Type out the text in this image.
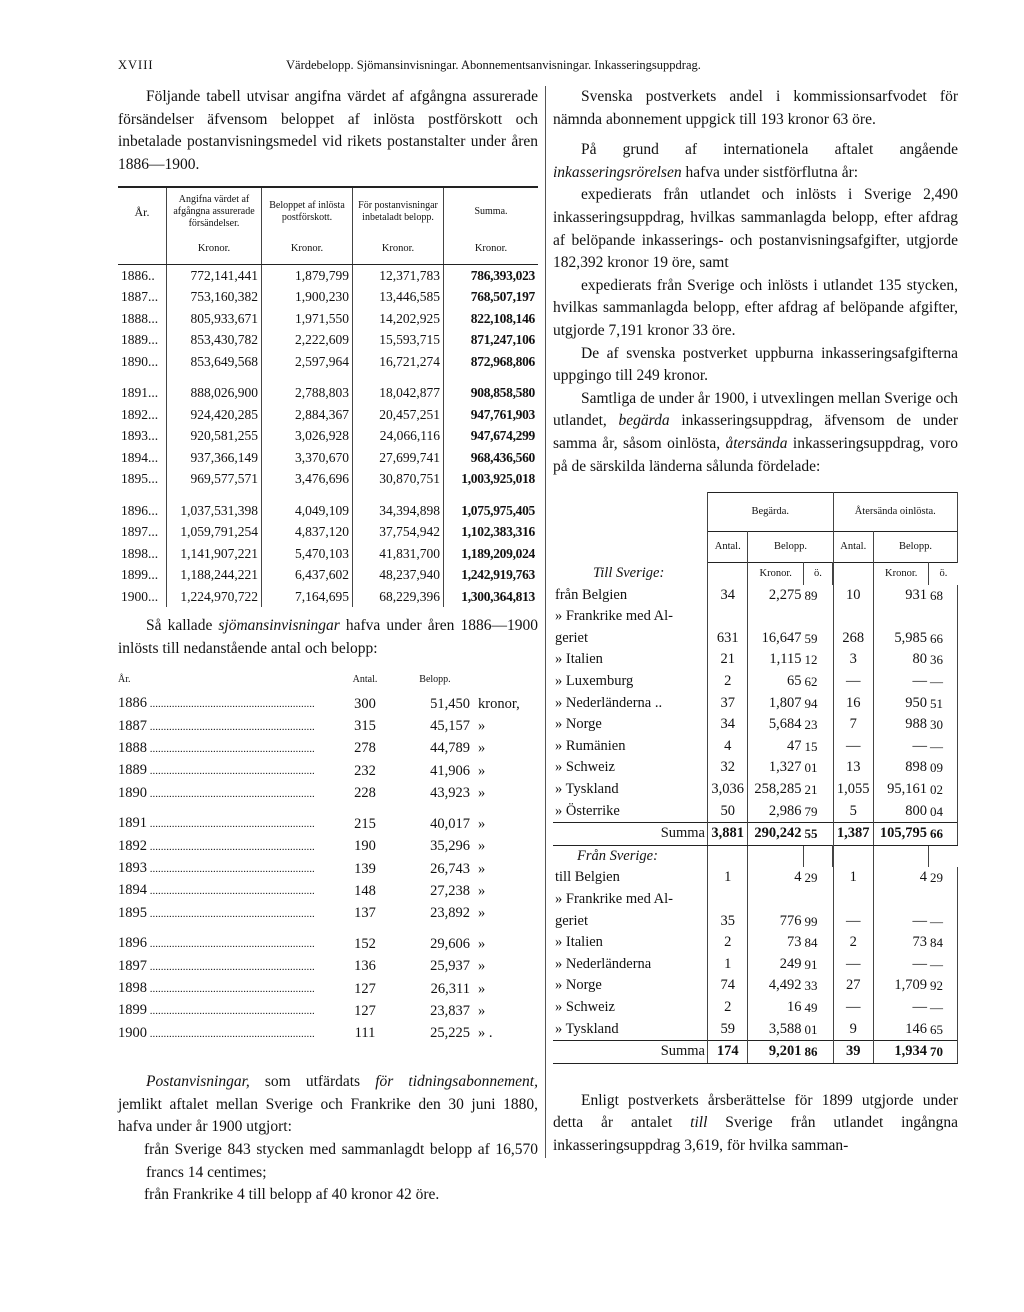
XVIII	Värdebelopp. Sjömansinvisningar. Abonnementsanvisningar. Inkasseringsuppdrag.

Följande tabell utvisar angifna värdet af afgångna assurerade försändelser äfvensom beloppet af inlösta postförskott och inbetalade postanvisningsmedel vid rikets postanstalter under åren 1886—1900.

År.	Angifna värdet af afgångna assurerade försändelser.	Beloppet af inlösta postförskott.	För postanvisningar inbetaladt belopp.	Summa.
	Kronor.	Kronor.	Kronor.	Kronor.
1886..	772,141,441	1,879,799	12,371,783	786,393,023
1887...	753,160,382	1,900,230	13,446,585	768,507,197
1888...	805,933,671	1,971,550	14,202,925	822,108,146
1889...	853,430,782	2,222,609	15,593,715	871,247,106
1890...	853,649,568	2,597,964	16,721,274	872,968,806
1891...	888,026,900	2,788,803	18,042,877	908,858,580
1892...	924,420,285	2,884,367	20,457,251	947,761,903
1893...	920,581,255	3,026,928	24,066,116	947,674,299
1894...	937,366,149	3,370,670	27,699,741	968,436,560
1895...	969,577,571	3,476,696	30,870,751	1,003,925,018
1896...	1,037,531,398	4,049,109	34,394,898	1,075,975,405
1897...	1,059,791,254	4,837,120	37,754,942	1,102,383,316
1898...	1,141,907,221	5,470,103	41,831,700	1,189,209,024
1899...	1,188,244,221	6,437,602	48,237,940	1,242,919,763
1900...	1,224,970,722	7,164,695	68,229,396	1,300,364,813

Så kallade sjömansinvisningar hafva under åren 1886—1900 inlösts till nedanstående antal och belopp:

År.	Antal.	Belopp.	
1886 .....	300	51,450	kronor,
1887 .....	315	45,157	»
1888 .....	278	44,789	»
1889 .....	232	41,906	»
1890 .....	228	43,923	»
1891 .....	215	40,017	»
1892 .....	190	35,296	»
1893 .....	139	26,743	»
1894 .....	148	27,238	»
1895 .....	137	23,892	»
1896 .....	152	29,606	»
1897 .....	136	25,937	»
1898 .....	127	26,311	»
1899 .....	127	23,837	»
1900 .....	111	25,225	» .

Postanvisningar, som utfärdats för tidningsabonnement, jemlikt aftalet mellan Sverige och Frankrike den 30 juni 1880, hafva under år 1900 utgjort:

från Sverige 843 stycken med sammanlagdt belopp af 16,570 francs 14 centimes;

från Frankrike 4 till belopp af 40 kronor 42 öre.

Svenska postverkets andel i kommissionsarfvodet för nämnda abonnement uppgick till 193 kronor 63 öre.

På grund af internationela aftalet angående inkasseringsrörelsen hafva under sistförflutna år:

expedierats från utlandet och inlösts i Sverige 2,490 inkasseringsuppdrag, hvilkas sammanlagda belopp, efter afdrag af belöpande inkasserings- och postanvisningsafgifter, utgjorde 182,392 kronor 19 öre, samt

expedierats från Sverige och inlösts i utlandet 135 stycken, hvilkas sammanlagda belopp, efter afdrag af belöpande afgifter, utgjorde 7,191 kronor 33 öre.

De af svenska postverket uppburna inkasseringsafgifterna uppgingo till 249 kronor.

Samtliga de under år 1900, i utvexlingen mellan Sverige och utlandet, begärda inkasseringsuppdrag, äfvensom de under samma år, såsom oinlösta, återsända inkasseringsuppdrag, voro på de särskilda länderna sålunda fördelade:

	Begärda.			Återsända oinlösta.		
	Antal.	Belopp.		Antal.	Belopp.	
Till Sverige:		Kronor.	ö.		Kronor.	ö.
från Belgien	34	2,275	89	10	931	68
» Frankrike med Al-						
geriet	631	16,647	59	268	5,985	66
» Italien	21	1,115	12	3	80	36
» Luxemburg	2	65	62	—	—	—
» Nederländerna ..	37	1,807	94	16	950	51
» Norge	34	5,684	23	7	988	30
» Rumänien	4	47	15	—	—	—
» Schweiz	32	1,327	01	13	898	09
» Tyskland	3,036	258,285	21	1,055	95,161	02
» Österrike	50	2,986	79	5	800	04
Summa	3,881	290,242	55	1,387	105,795	66
Från Sverige:						
till Belgien	1	4	29	1	4	29
» Frankrike med Al-						
geriet	35	776	99	—	—	—
» Italien	2	73	84	2	73	84
» Nederländerna	1	249	91	—	—	—
» Norge	74	4,492	33	27	1,709	92
» Schweiz	2	16	49	—	—	—
» Tyskland	59	3,588	01	9	146	65
Summa	174	9,201	86	39	1,934	70

Enligt postverkets årsberättelse för 1899 utgjorde under detta år antalet till Sverige från utlandet ingångna inkasseringsuppdrag 3,619, för hvilka samman-
